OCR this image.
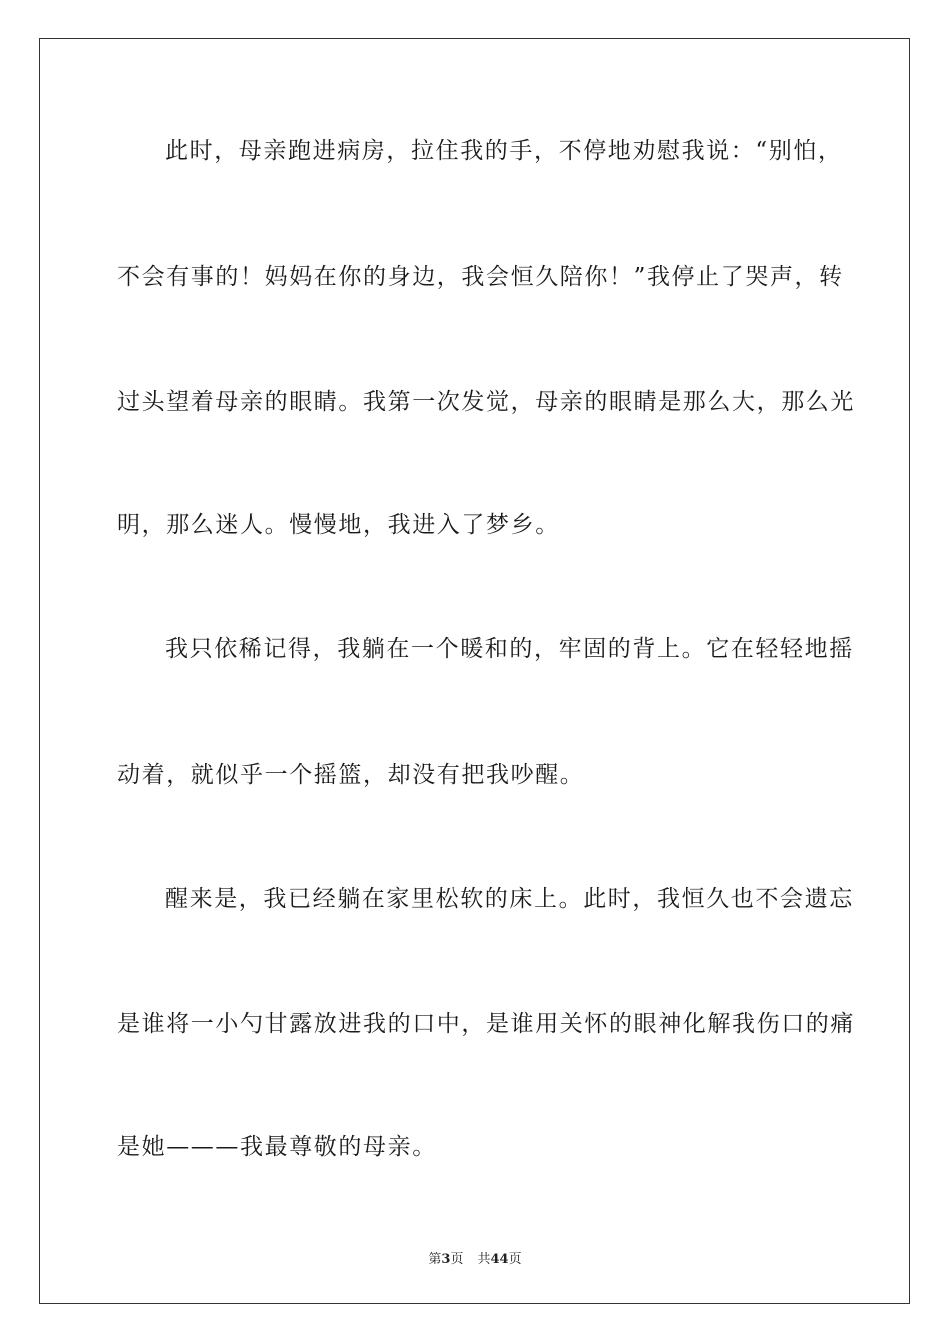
此时，母亲跑进病房，拉住我的手，不停地劝慰我说：“别怕，
不会有事的！妈妈在你的身边，我会恒久陪你！”我停止了哭声，转
过头望着母亲的眼睛。我第一次发觉，母亲的眼睛是那么大，那么光
明，那么迷人。慢慢地，我进入了梦乡。
我只依稀记得，我躺在一个暖和的，牢固的背上。它在轻轻地摇
动着，就似乎一个摇篮，却没有把我吵醒。
醒来是，我已经躺在家里松软的床上。此时，我恒久也不会遗忘
是谁将一小勺甘露放进我的口中，是谁用关怀的眼神化解我伤口的痛
是她———我最尊敬的母亲。
第3页 共44页
